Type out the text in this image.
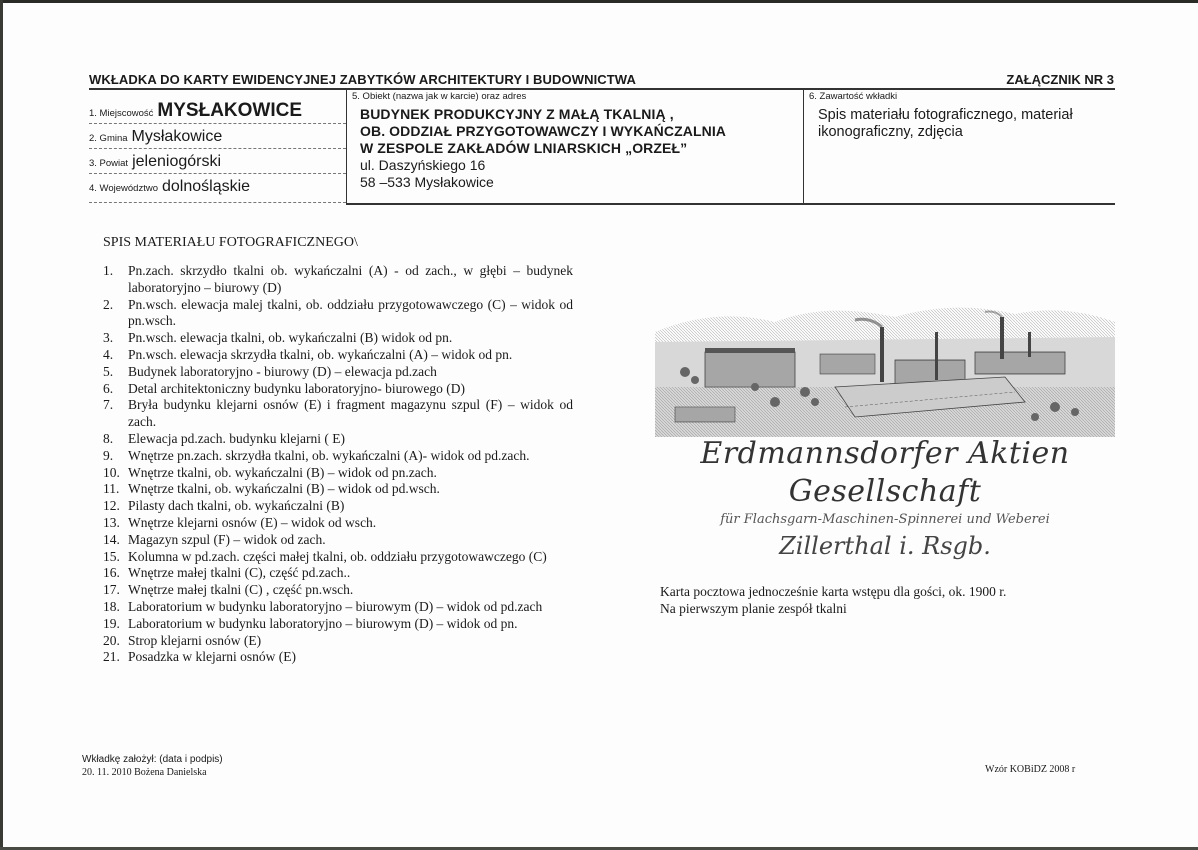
WKŁADKA DO KARTY EWIDENCYJNEJ ZABYTKÓW ARCHITEKTURY I BUDOWNICTWA	ZAŁĄCZNIK NR 3
1. Miejscowość MYSŁAKOWICE
2. Gmina Mysłakowice
3. Powiat jeleniogórski
4. Województwo dolnośląskie
5. Obiekt (nazwa jak w karcie) oraz adres
BUDYNEK PRODUKCYJNY Z MAŁĄ TKALNIĄ ,
OB. ODDZIAŁ PRZYGOTOWAWCZY I WYKAŃCZALNIA
W ZESPOLE ZAKŁADÓW LNIARSKICH „ORZEŁ”
ul. Daszyńskiego 16
58 –533 Mysłakowice
6. Zawartość wkładki
Spis materiału fotograficznego, materiał ikonograficzny, zdjęcia
SPIS MATERIAŁU FOTOGRAFICZNEGO\
1.	Pn.zach. skrzydło tkalni ob. wykańczalni (A) - od zach., w głębi – budynek laboratoryjno – biurowy (D)
2.	Pn.wsch. elewacja malej tkalni, ob. oddziału przygotowawczego (C) – widok od pn.wsch.
3.	Pn.wsch. elewacja tkalni, ob. wykańczalni (B) widok od pn.
4.	Pn.wsch. elewacja skrzydła tkalni, ob. wykańczalni (A) – widok od pn.
5.	Budynek laboratoryjno - biurowy (D) – elewacja pd.zach
6.	Detal architektoniczny budynku laboratoryjno- biurowego (D)
7.	Bryła budynku klejarni osnów (E) i fragment magazynu szpul (F) – widok od zach.
8.	Elewacja pd.zach. budynku klejarni ( E)
9.	Wnętrze pn.zach. skrzydła tkalni, ob. wykańczalni (A)- widok od pd.zach.
10. Wnętrze tkalni, ob. wykańczalni (B) – widok od pn.zach.
11. Wnętrze tkalni, ob. wykańczalni (B) – widok od pd.wsch.
12. Pilasty dach tkalni, ob. wykańczalni (B)
13. Wnętrze klejarni osnów (E) – widok od wsch.
14. Magazyn szpul (F) – widok od zach.
15. Kolumna w pd.zach. części małej tkalni, ob. oddziału przygotowawczego (C)
16. Wnętrze małej tkalni (C), część pd.zach..
17. Wnętrze małej tkalni (C) , część pn.wsch.
18. Laboratorium w budynku laboratoryjno – biurowym (D) – widok od pd.zach
19. Laboratorium w budynku laboratoryjno – biurowym (D) – widok od pn.
20. Strop klejarni osnów (E)
21. Posadzka w klejarni osnów (E)
Erdmannsdorfer Aktien Gesellschaft
für Flachsgarn-Maschinen-Spinnerei und Weberei
Zillerthal i. Rsgb.
Karta pocztowa jednocześnie karta wstępu dla gości, ok. 1900 r.
Na pierwszym planie zespół tkalni
Wkładkę założył: (data i podpis)
20. 11. 2010 Bożena Danielska	Wzór KOBiDZ 2008 r
